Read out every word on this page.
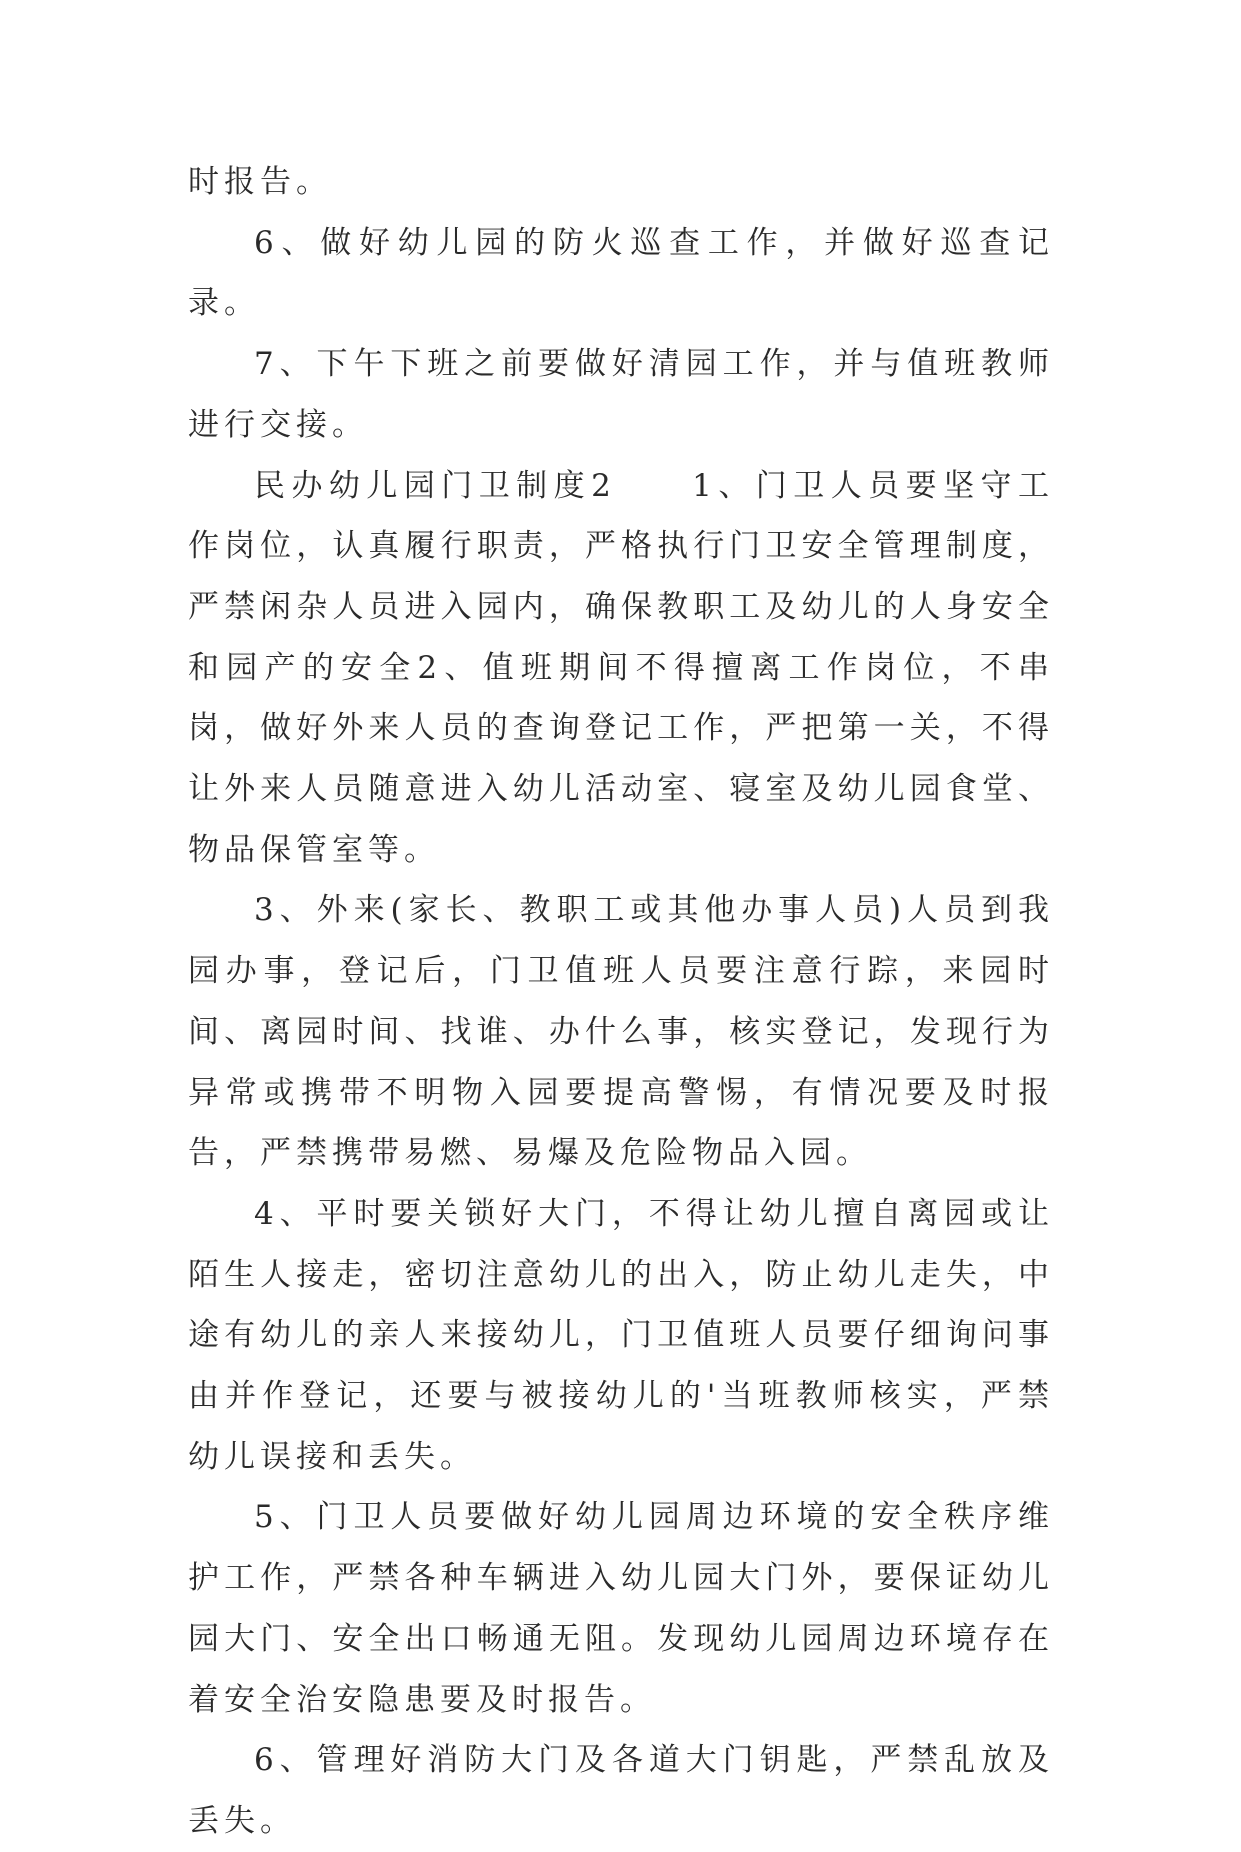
时报告。

6、做好幼儿园的防火巡查工作，并做好巡查记录。

7、下午下班之前要做好清园工作，并与值班教师进行交接。

民办幼儿园门卫制度2　　1、门卫人员要坚守工作岗位，认真履行职责，严格执行门卫安全管理制度，严禁闲杂人员进入园内，确保教职工及幼儿的人身安全和园产的安全2、值班期间不得擅离工作岗位，不串岗，做好外来人员的查询登记工作，严把第一关，不得让外来人员随意进入幼儿活动室、寝室及幼儿园食堂、物品保管室等。

3、外来(家长、教职工或其他办事人员)人员到我园办事，登记后，门卫值班人员要注意行踪，来园时间、离园时间、找谁、办什么事，核实登记，发现行为异常或携带不明物入园要提高警惕，有情况要及时报告，严禁携带易燃、易爆及危险物品入园。

4、平时要关锁好大门，不得让幼儿擅自离园或让陌生人接走，密切注意幼儿的出入，防止幼儿走失，中途有幼儿的亲人来接幼儿，门卫值班人员要仔细询问事由并作登记，还要与被接幼儿的'当班教师核实，严禁幼儿误接和丢失。

5、门卫人员要做好幼儿园周边环境的安全秩序维护工作，严禁各种车辆进入幼儿园大门外，要保证幼儿园大门、安全出口畅通无阻。发现幼儿园周边环境存在着安全治安隐患要及时报告。

6、管理好消防大门及各道大门钥匙，严禁乱放及丢失。
